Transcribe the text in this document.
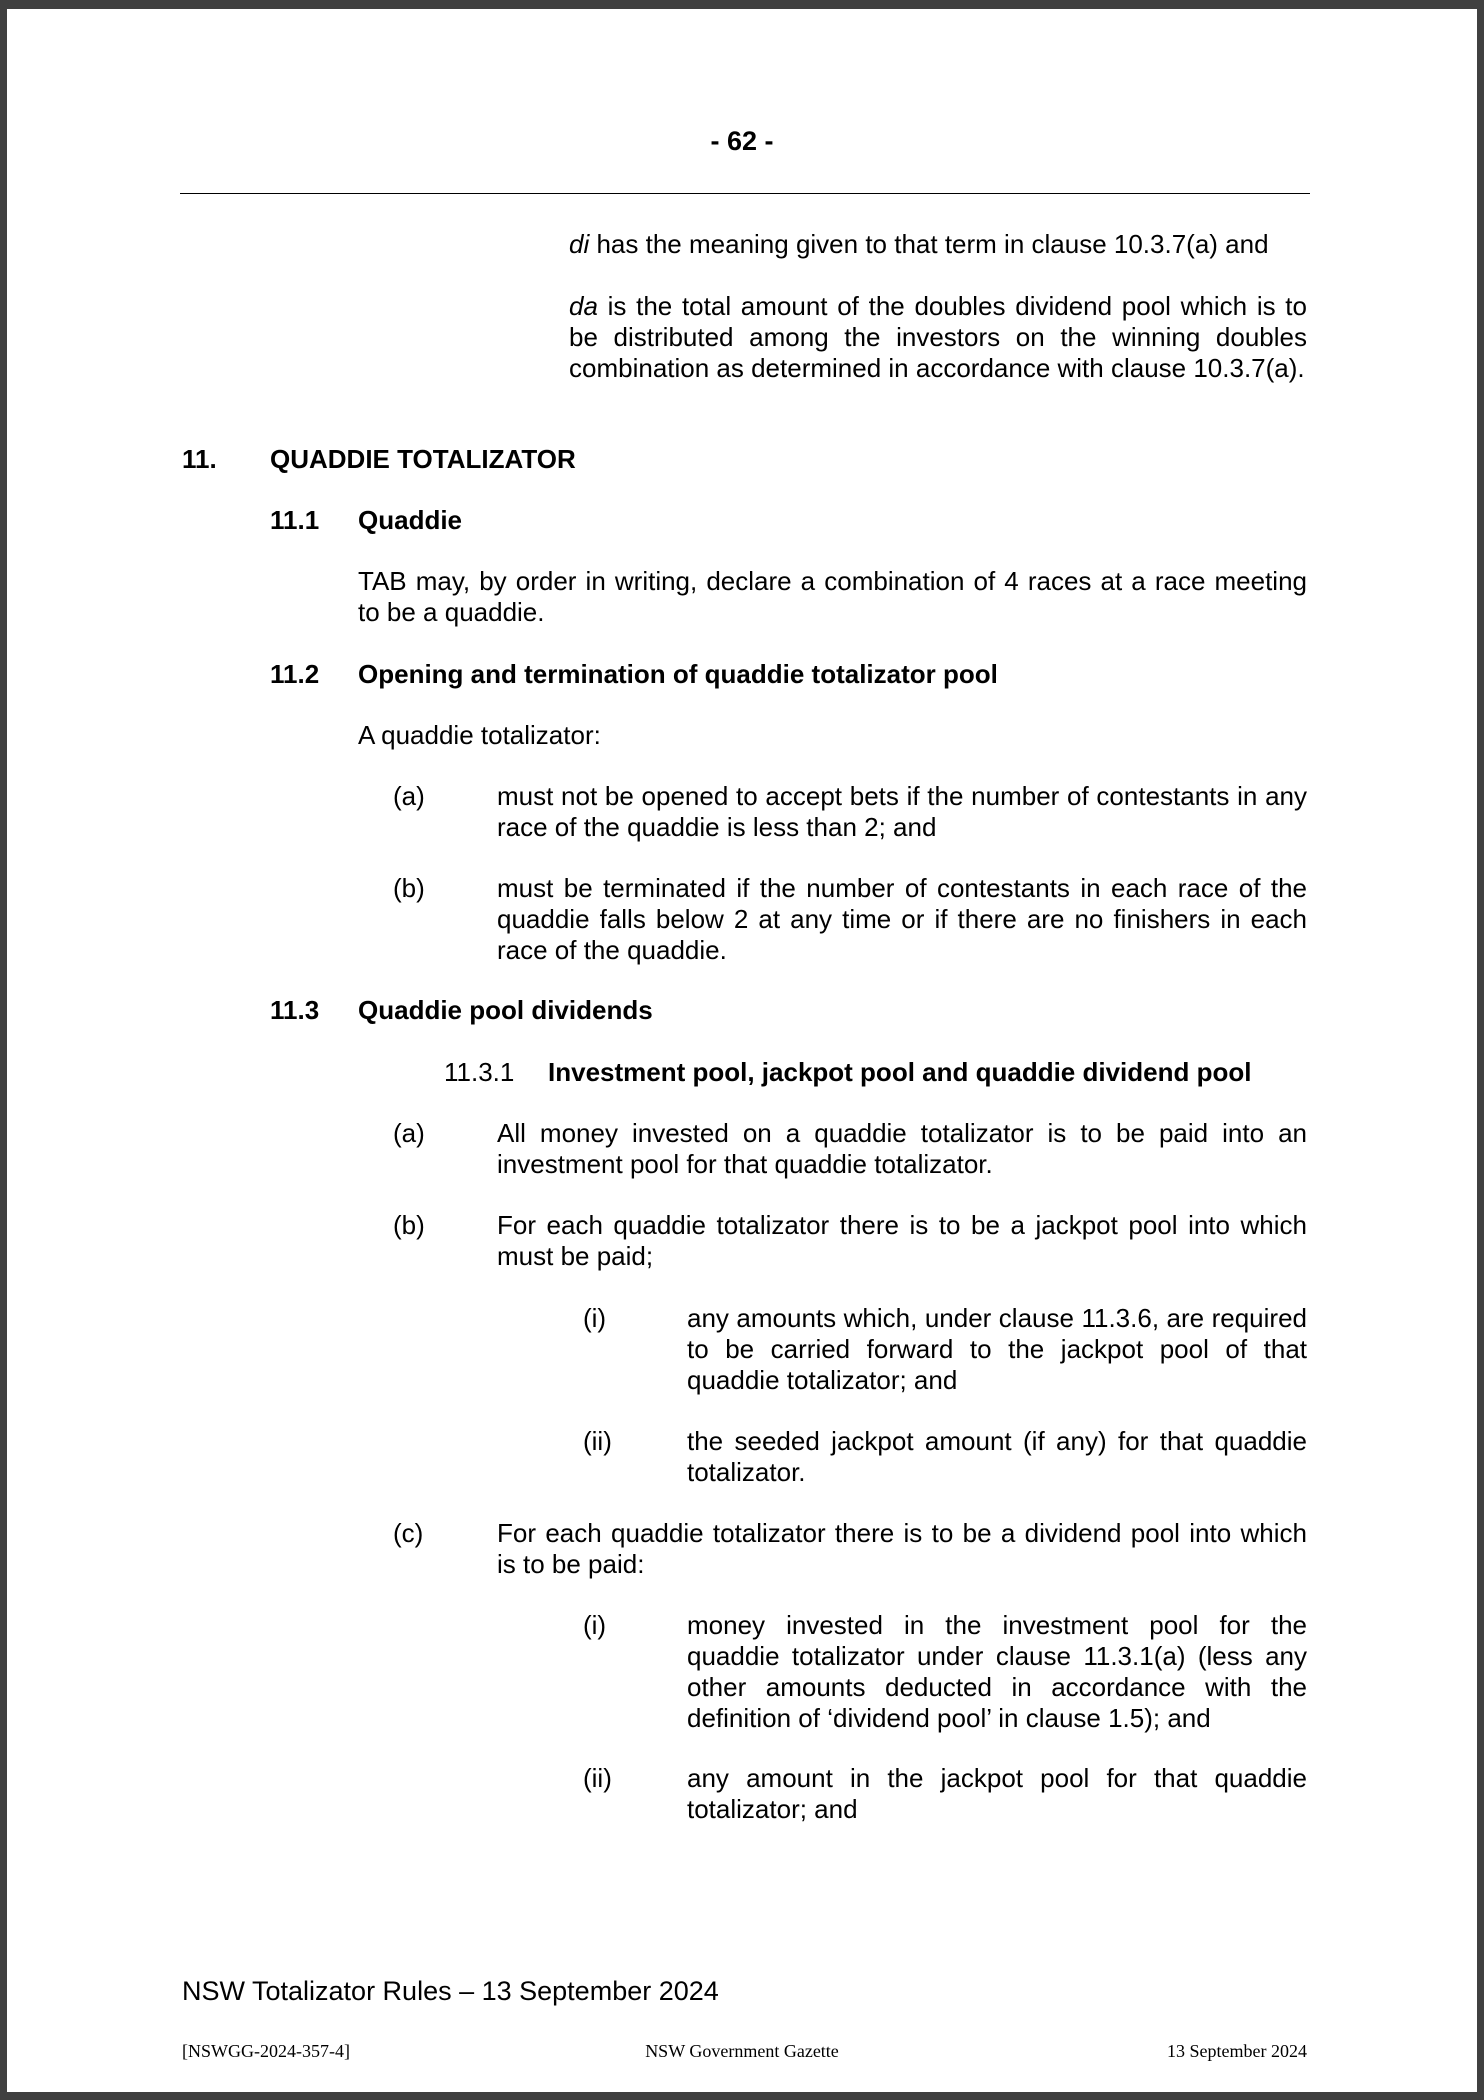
- 62 -
di has the meaning given to that term in clause 10.3.7(a) and
da is the total amount of the doubles dividend pool which is to be distributed among the investors on the winning doubles combination as determined in accordance with clause 10.3.7(a).
11. QUADDIE TOTALIZATOR
11.1 Quaddie
TAB may, by order in writing, declare a combination of 4 races at a race meeting to be a quaddie.
11.2 Opening and termination of quaddie totalizator pool
A quaddie totalizator:
(a)	must not be opened to accept bets if the number of contestants in any race of the quaddie is less than 2; and
(b)	must be terminated if the number of contestants in each race of the quaddie falls below 2 at any time or if there are no finishers in each race of the quaddie.
11.3 Quaddie pool dividends
11.3.1 Investment pool, jackpot pool and quaddie dividend pool
(a)	All money invested on a quaddie totalizator is to be paid into an investment pool for that quaddie totalizator.
(b)	For each quaddie totalizator there is to be a jackpot pool into which must be paid;
(i)	any amounts which, under clause 11.3.6, are required to be carried forward to the jackpot pool of that quaddie totalizator; and
(ii)	the seeded jackpot amount (if any) for that quaddie totalizator.
(c)	For each quaddie totalizator there is to be a dividend pool into which is to be paid:
(i)	money invested in the investment pool for the quaddie totalizator under clause 11.3.1(a) (less any other amounts deducted in accordance with the definition of ‘dividend pool’ in clause 1.5); and
(ii)	any amount in the jackpot pool for that quaddie totalizator; and
NSW Totalizator Rules – 13 September 2024
[NSWGG-2024-357-4]	NSW Government Gazette	13 September 2024
